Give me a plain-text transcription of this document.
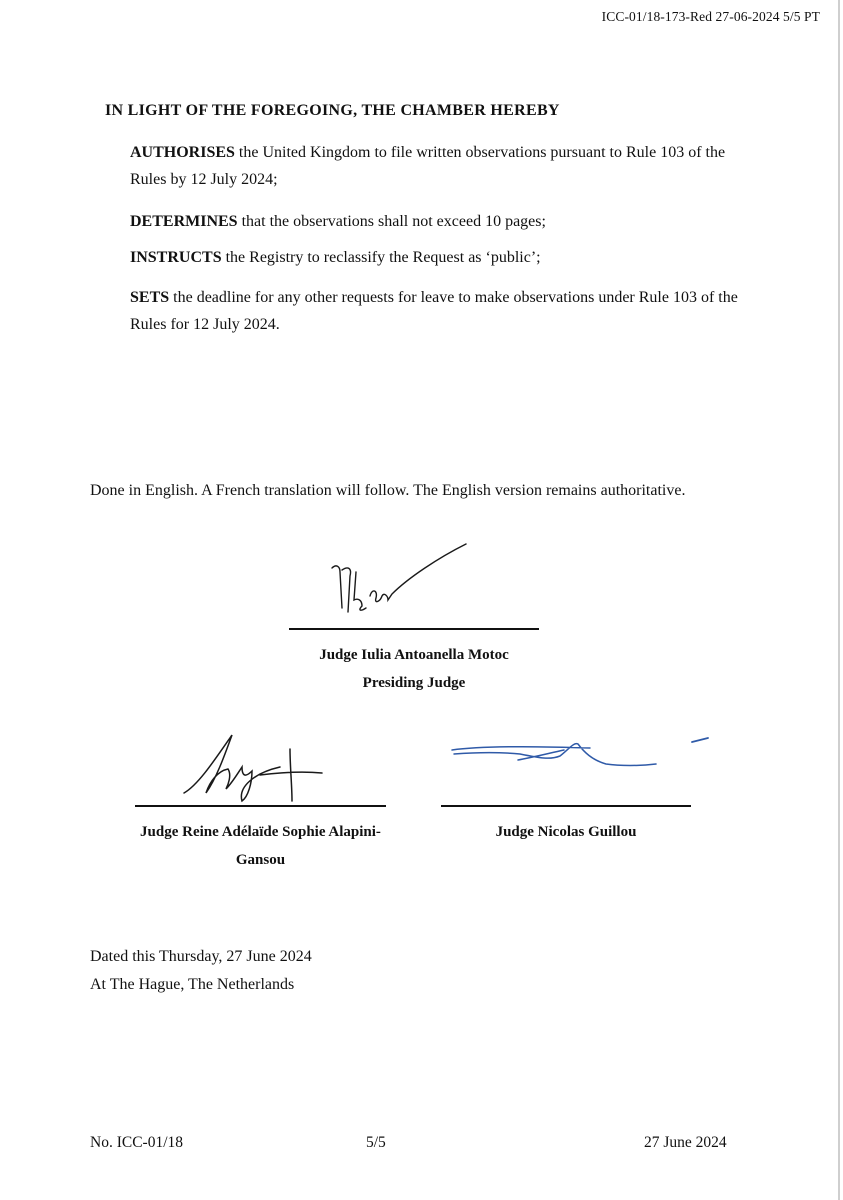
ICC-01/18-173-Red 27-06-2024 5/5 PT
IN LIGHT OF THE FOREGOING, THE CHAMBER HEREBY
AUTHORISES the United Kingdom to file written observations pursuant to Rule 103 of the Rules by 12 July 2024;
DETERMINES that the observations shall not exceed 10 pages;
INSTRUCTS the Registry to reclassify the Request as ‘public’;
SETS the deadline for any other requests for leave to make observations under Rule 103 of the Rules for 12 July 2024.
Done in English. A French translation will follow. The English version remains authoritative.
Judge Iulia Antoanella Motoc
Presiding Judge
Judge Reine Adélaïde Sophie Alapini-
Gansou
Judge Nicolas Guillou
Dated this Thursday, 27 June 2024
At The Hague, The Netherlands
No. ICC-01/18	5/5	27 June 2024
